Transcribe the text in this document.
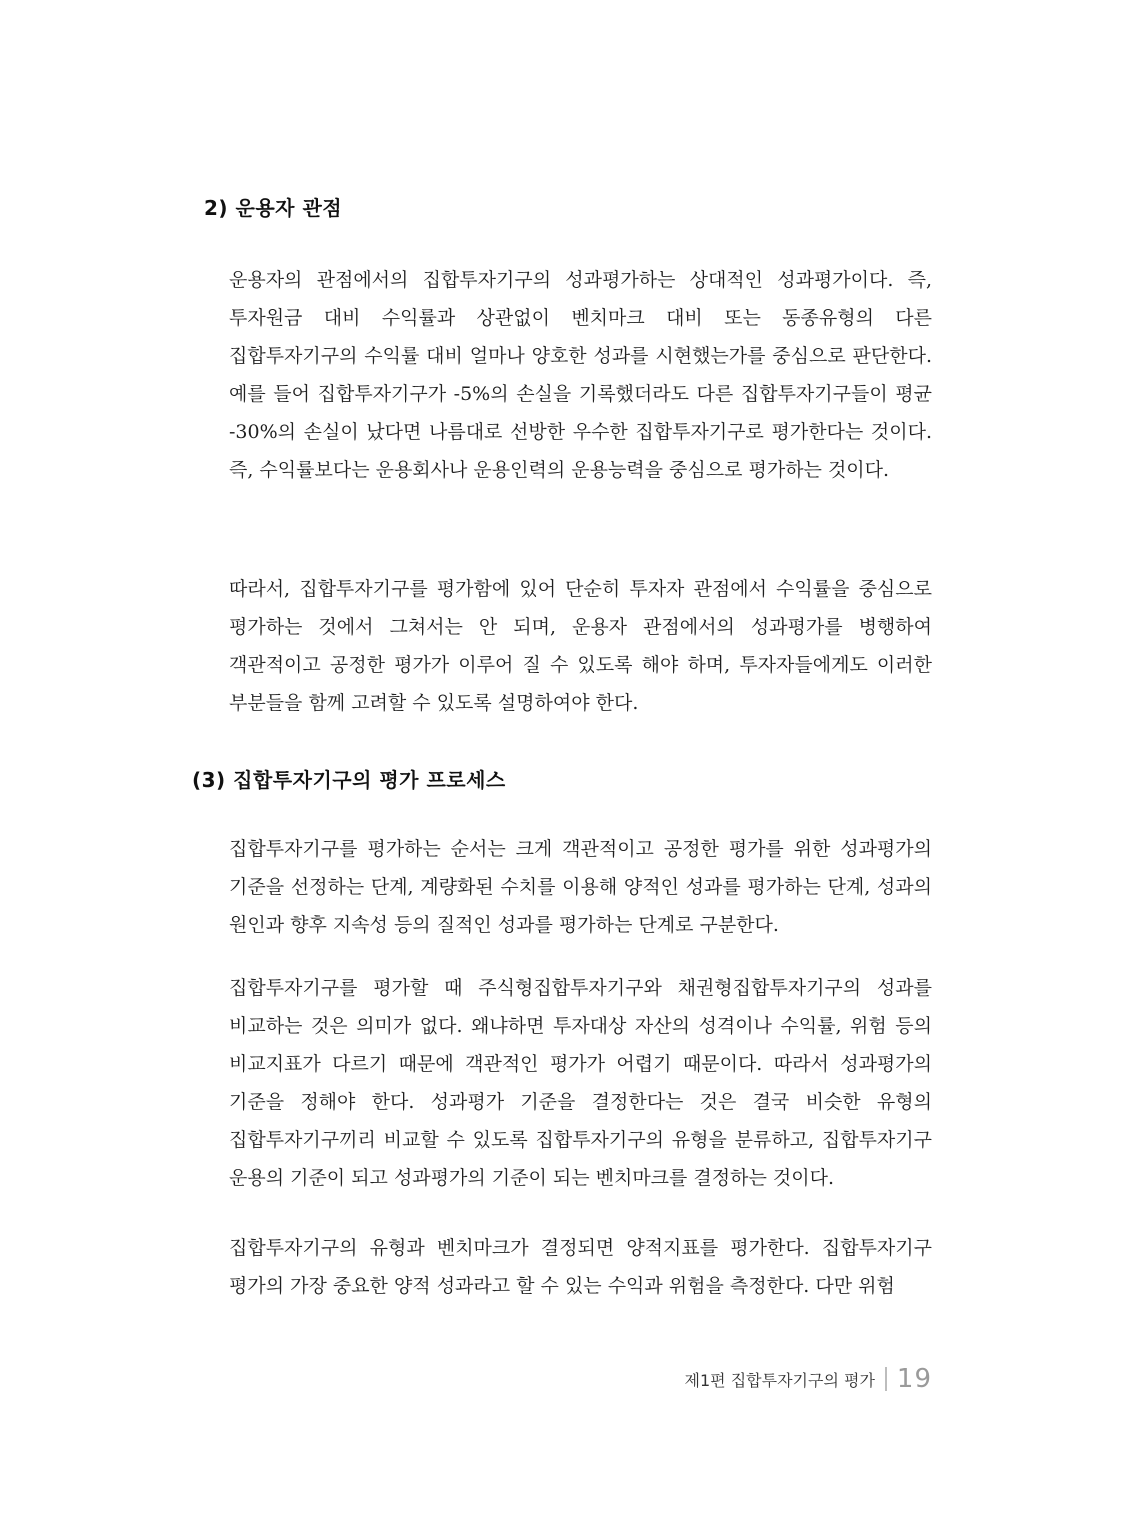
2) 운용자 관점

운용자의 관점에서의 집합투자기구의 성과평가하는 상대적인 성과평가이다. 즉, 투자원금 대비 수익률과 상관없이 벤치마크 대비 또는 동종유형의 다른 집합투자기구의 수익률 대비 얼마나 양호한 성과를 시현했는가를 중심으로 판단한다. 예를 들어 집합투자기구가 -5%의 손실을 기록했더라도 다른 집합투자기구들이 평균 -30%의 손실이 났다면 나름대로 선방한 우수한 집합투자기구로 평가한다는 것이다. 즉, 수익률보다는 운용회사나 운용인력의 운용능력을 중심으로 평가하는 것이다.

따라서, 집합투자기구를 평가함에 있어 단순히 투자자 관점에서 수익률을 중심으로 평가하는 것에서 그쳐서는 안 되며, 운용자 관점에서의 성과평가를 병행하여 객관적이고 공정한 평가가 이루어 질 수 있도록 해야 하며, 투자자들에게도 이러한 부분들을 함께 고려할 수 있도록 설명하여야 한다.

(3) 집합투자기구의 평가 프로세스

집합투자기구를 평가하는 순서는 크게 객관적이고 공정한 평가를 위한 성과평가의 기준을 선정하는 단계, 계량화된 수치를 이용해 양적인 성과를 평가하는 단계, 성과의 원인과 향후 지속성 등의 질적인 성과를 평가하는 단계로 구분한다.

집합투자기구를 평가할 때 주식형집합투자기구와 채권형집합투자기구의 성과를 비교하는 것은 의미가 없다. 왜냐하면 투자대상 자산의 성격이나 수익률, 위험 등의 비교지표가 다르기 때문에 객관적인 평가가 어렵기 때문이다. 따라서 성과평가의 기준을 정해야 한다. 성과평가 기준을 결정한다는 것은 결국 비슷한 유형의 집합투자기구끼리 비교할 수 있도록 집합투자기구의 유형을 분류하고, 집합투자기구 운용의 기준이 되고 성과평가의 기준이 되는 벤치마크를 결정하는 것이다.

집합투자기구의 유형과 벤치마크가 결정되면 양적지표를 평가한다. 집합투자기구 평가의 가장 중요한 양적 성과라고 할 수 있는 수익과 위험을 측정한다. 다만 위험

제1편 집합투자기구의 평가 19
